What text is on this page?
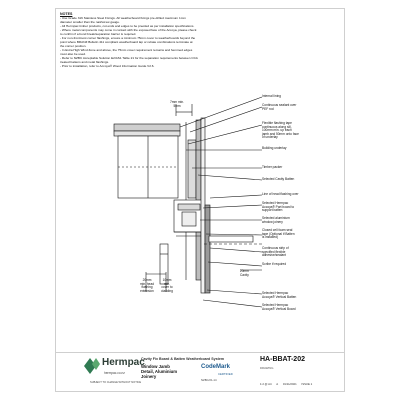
NOTES
- Use Grade 316 Stainless Steel Fixings. All weatherboard fixings pre-drilled maximum 1mm
diameter smaller than the nail/screw gauge.
- All Hermpac timber products, cut ends and edges to be preoiled as per installation specifications.
- Where metal components may come in contact with the exposed face of the Accoya, please check
to confirm if a bond break/separation barrier is required.
- For non-frontmost corner flashings, ensure a minimum 75mm cover to weatherboards beyond the
point where BRANZ Bulletin 411 compliant weatherboard lap or rebate combinations terminate at
the corner position.
- In Extra High Wind Zone and above, the 75mm cover requirement remains and hemmed edges
must also be used.
- Refer to NZBC Acceptable Solution E2/AS1 Table 21 for the separation requirements between CCA
treated battens and metal flashings.
- Prior to installation, refer to Accoya® Wood Information Guide V2.6.
7mm min.
5mm
20mm
Cavity
20mm
min. head
flashing
extension
10mm
min.
cover to
cladding
Internal lining
Continuous sealant over
PEF rod
Flexible flashing tape
continuous along sill,
100mm min. up each
jamb and 50mm onto face
of underlay
Building underlay
Timber packer
Selected Cavity Batten
Line of head flashing over
Selected Hermpac
Accoya® Part board to
support batten
Selected aluminium
window joinery
Closed cell foam seal
tape (Optional if Batten
is installed)
Continuous strip of
specified flexible
adhesive/sealant
Scribe if required
Selected Hermpac
Accoya® Vertical Batten
Selected Hermpac
Accoya® Vertical Board
Hermpac
hermpac.co.nz
SUBJECT TO CHANGE WITHOUT NOTICE
Cavity Fix Board & Batten Weatherboard System
Window Jamb
Detail, Aluminium
Joinery
CodeMark
CERTIFIED
NZBC/21-14
HA-BBAT-202
DRAWING
1:2 @ A4 A 01/11/2021 ISSUE 1
